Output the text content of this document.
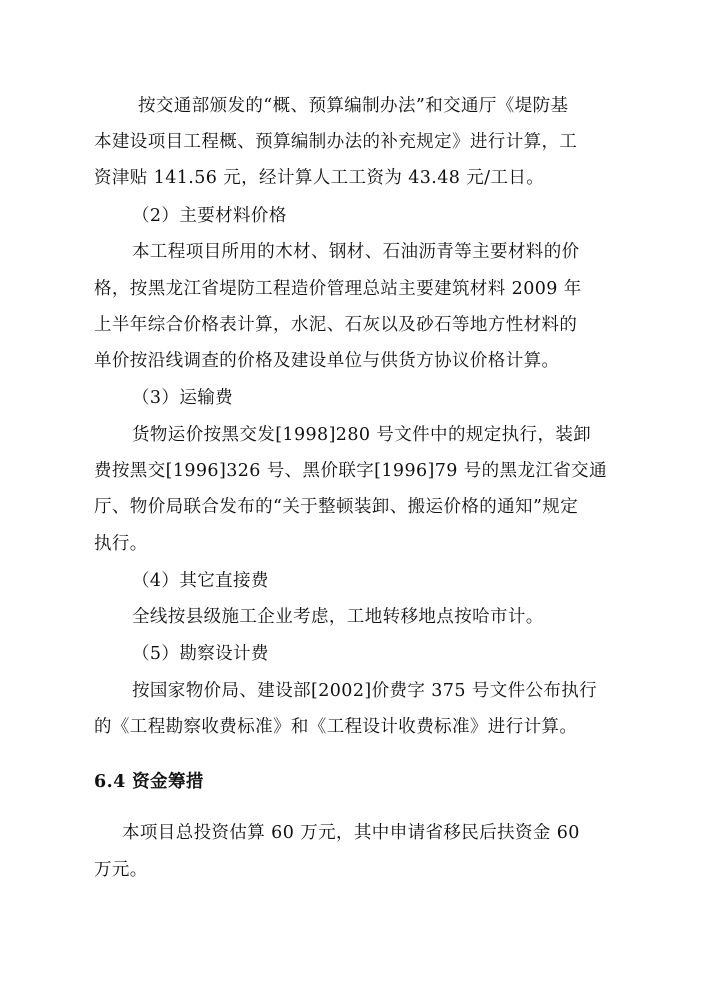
按交通部颁发的“概、预算编制办法”和交通厅《堤防基
本建设项目工程概、预算编制办法的补充规定》进行计算，工
资津贴 141.56 元，经计算人工工资为 43.48 元/工日。
（2）主要材料价格
本工程项目所用的木材、钢材、石油沥青等主要材料的价
格，按黑龙江省堤防工程造价管理总站主要建筑材料 2009 年
上半年综合价格表计算，水泥、石灰以及砂石等地方性材料的
单价按沿线调查的价格及建设单位与供货方协议价格计算。
（3）运输费
货物运价按黑交发[1998]280 号文件中的规定执行，装卸
费按黑交[1996]326 号、黑价联字[1996]79 号的黑龙江省交通
厅、物价局联合发布的“关于整顿装卸、搬运价格的通知”规定
执行。
（4）其它直接费
全线按县级施工企业考虑，工地转移地点按哈市计。
（5）勘察设计费
按国家物价局、建设部[2002]价费字 375 号文件公布执行
的《工程勘察收费标准》和《工程设计收费标准》进行计算。
6.4 资金筹措
本项目总投资估算 60 万元，其中申请省移民后扶资金 60
万元。
